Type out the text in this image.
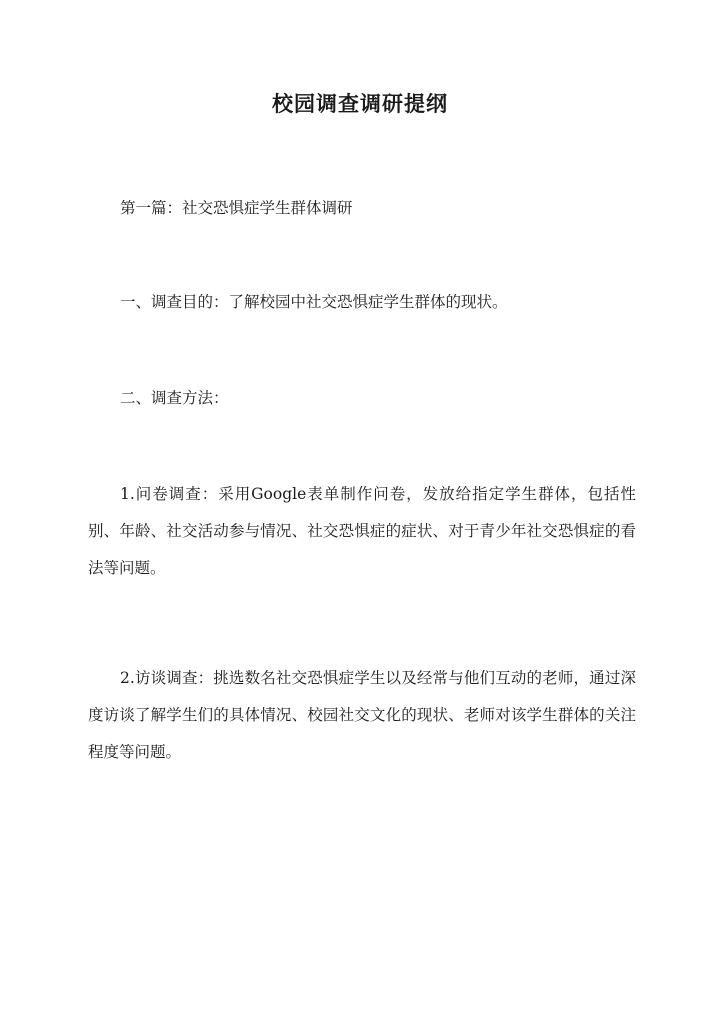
校园调查调研提纲

第一篇：社交恐惧症学生群体调研

一、调查目的：了解校园中社交恐惧症学生群体的现状。

二、调查方法：

1.问卷调查：采用Google表单制作问卷，发放给指定学生群体，包括性别、年龄、社交活动参与情况、社交恐惧症的症状、对于青少年社交恐惧症的看法等问题。

2.访谈调查：挑选数名社交恐惧症学生以及经常与他们互动的老师，通过深度访谈了解学生们的具体情况、校园社交文化的现状、老师对该学生群体的关注程度等问题。
